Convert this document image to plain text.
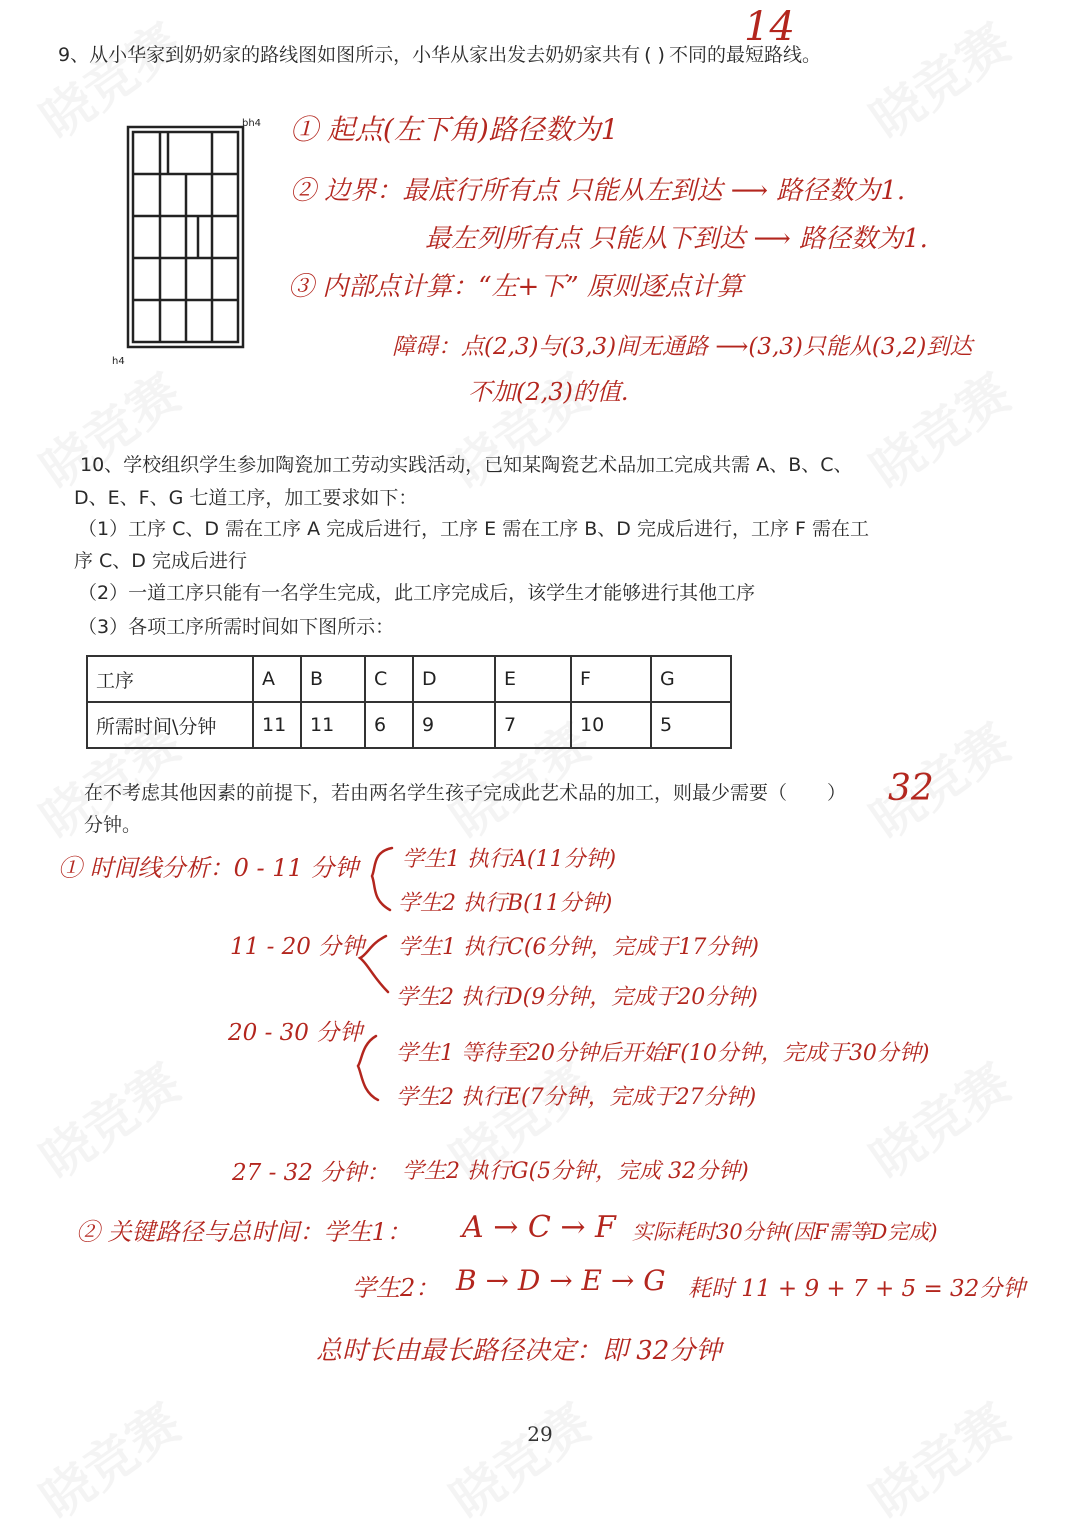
9、从小华家到奶奶家的路线图如图所示，小华从家出发去奶奶家共有 ( ) 不同的最短路线。
14
bh4
h4
① 起点(左下角)路径数为1
② 边界：最底行所有点 只能从左到达 ⟶ 路径数为1.
最左列所有点 只能从下到达 ⟶ 路径数为1.
③ 内部点计算：“左+下” 原则逐点计算
障碍：点(2,3)与(3,3)间无通路 ⟶(3,3)只能从(3,2)到达
不加(2,3)的值.
10、学校组织学生参加陶瓷加工劳动实践活动，已知某陶瓷艺术品加工完成共需 A、B、C、
D、E、F、G 七道工序，加工要求如下：
（1）工序 C、D 需在工序 A 完成后进行，工序 E 需在工序 B、D 完成后进行，工序 F 需在工
序 C、D 完成后进行
（2）一道工序只能有一名学生完成，此工序完成后，该学生才能够进行其他工序
（3）各项工序所需时间如下图所示：
工序	A	B	C	D	E	F	G
所需时间\分钟	11	11	6	9	7	10	5
在不考虑其他因素的前提下，若由两名学生孩子完成此艺术品的加工，则最少需要（ ） 32
分钟。
① 时间线分析：0 - 11 分钟 学生1 执行A(11分钟)
学生2 执行B(11分钟)
11 - 20 分钟 学生1 执行C(6分钟，完成于17分钟)
学生2 执行D(9分钟，完成于20分钟)
20 - 30 分钟
学生1 等待至20分钟后开始F(10分钟，完成于30分钟)
学生2 执行E(7分钟，完成于27分钟)
27 - 32 分钟： 学生2 执行G(5分钟，完成 32分钟)
② 关键路径与总时间：学生1： A → C → F 实际耗时30分钟(因F需等D完成)
学生2： B → D → E → G 耗时 11 + 9 + 7 + 5 = 32分钟
总时长由最长路径决定：即 32分钟
29
